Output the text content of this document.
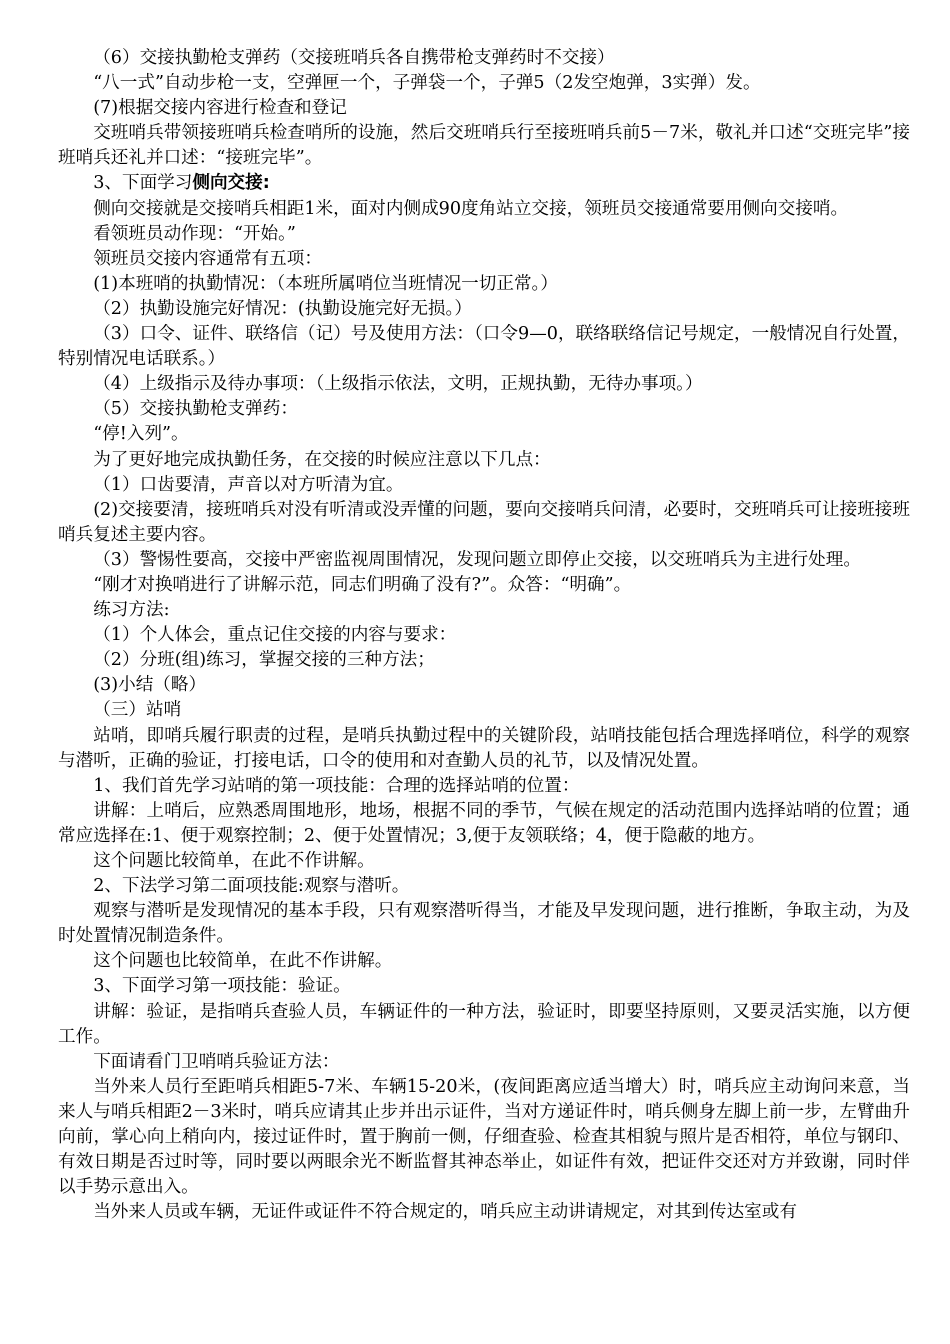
（6）交接执勤枪支弹药（交接班哨兵各自携带枪支弹药时不交接）

“八一式”自动步枪一支，空弹匣一个，子弹袋一个，子弹5（2发空炮弹，3实弹）发。

(7)根据交接内容进行检查和登记

交班哨兵带领接班哨兵检查哨所的设施，然后交班哨兵行至接班哨兵前5－7米，敬礼并口述“交班完毕”接班哨兵还礼并口述：“接班完毕”。

3、下面学习侧向交接:

侧向交接就是交接哨兵相距1米，面对内侧成90度角站立交接，领班员交接通常要用侧向交接哨。

看领班员动作现：“开始。”

领班员交接内容通常有五项：

(1)本班哨的执勤情况：（本班所属哨位当班情况一切正常。）

（2）执勤设施完好情况：(执勤设施完好无损。）

（3）口令、证件、联络信（记）号及使用方法：（口令9—0，联络联络信记号规定，一般情况自行处置，特别情况电话联系。）

（4）上级指示及待办事项：（上级指示依法，文明，正规执勤，无待办事项。）

（5）交接执勤枪支弹药：

“停!入列”。

为了更好地完成执勤任务，在交接的时候应注意以下几点：

（1）口齿要清，声音以对方听清为宜。

(2)交接要清，接班哨兵对没有听清或没弄懂的问题，要向交接哨兵问清，必要时，交班哨兵可让接班接班哨兵复述主要内容。

（3）警惕性要高，交接中严密监视周围情况，发现问题立即停止交接，以交班哨兵为主进行处理。

“刚才对换哨进行了讲解示范，同志们明确了没有?”。众答：“明确”。

练习方法:

（1）个人体会，重点记住交接的内容与要求：

（2）分班(组)练习，掌握交接的三种方法；

(3)小结（略）

（三）站哨

站哨，即哨兵履行职责的过程，是哨兵执勤过程中的关键阶段，站哨技能包括合理选择哨位，科学的观察与潜听，正确的验证，打接电话，口令的使用和对查勤人员的礼节，以及情况处置。

1、我们首先学习站哨的第一项技能：合理的选择站哨的位置：

讲解：上哨后，应熟悉周围地形，地场，根据不同的季节，气候在规定的活动范围内选择站哨的位置；通常应选择在:1、便于观察控制；2、便于处置情况；3,便于友领联络；4，便于隐蔽的地方。

这个问题比较简单，在此不作讲解。

2、下法学习第二面项技能:观察与潜听。

观察与潜听是发现情况的基本手段，只有观察潜听得当，才能及早发现问题，进行推断，争取主动，为及时处置情况制造条件。

这个问题也比较简单，在此不作讲解。

3、下面学习第一项技能：验证。

讲解：验证，是指哨兵查验人员，车辆证件的一种方法，验证时，即要坚持原则，又要灵活实施，以方便工作。

下面请看门卫哨哨兵验证方法：

当外来人员行至距哨兵相距5-7米、车辆15-20米，(夜间距离应适当增大）时，哨兵应主动询问来意，当来人与哨兵相距2－3米时，哨兵应请其止步并出示证件，当对方递证件时，哨兵侧身左脚上前一步，左臂曲升向前，掌心向上稍向内，接过证件时，置于胸前一侧，仔细查验、检查其相貌与照片是否相符，单位与钢印、有效日期是否过时等，同时要以两眼余光不断监督其神态举止，如证件有效，把证件交还对方并致谢，同时伴以手势示意出入。

当外来人员或车辆，无证件或证件不符合规定的，哨兵应主动讲请规定，对其到传达室或有
